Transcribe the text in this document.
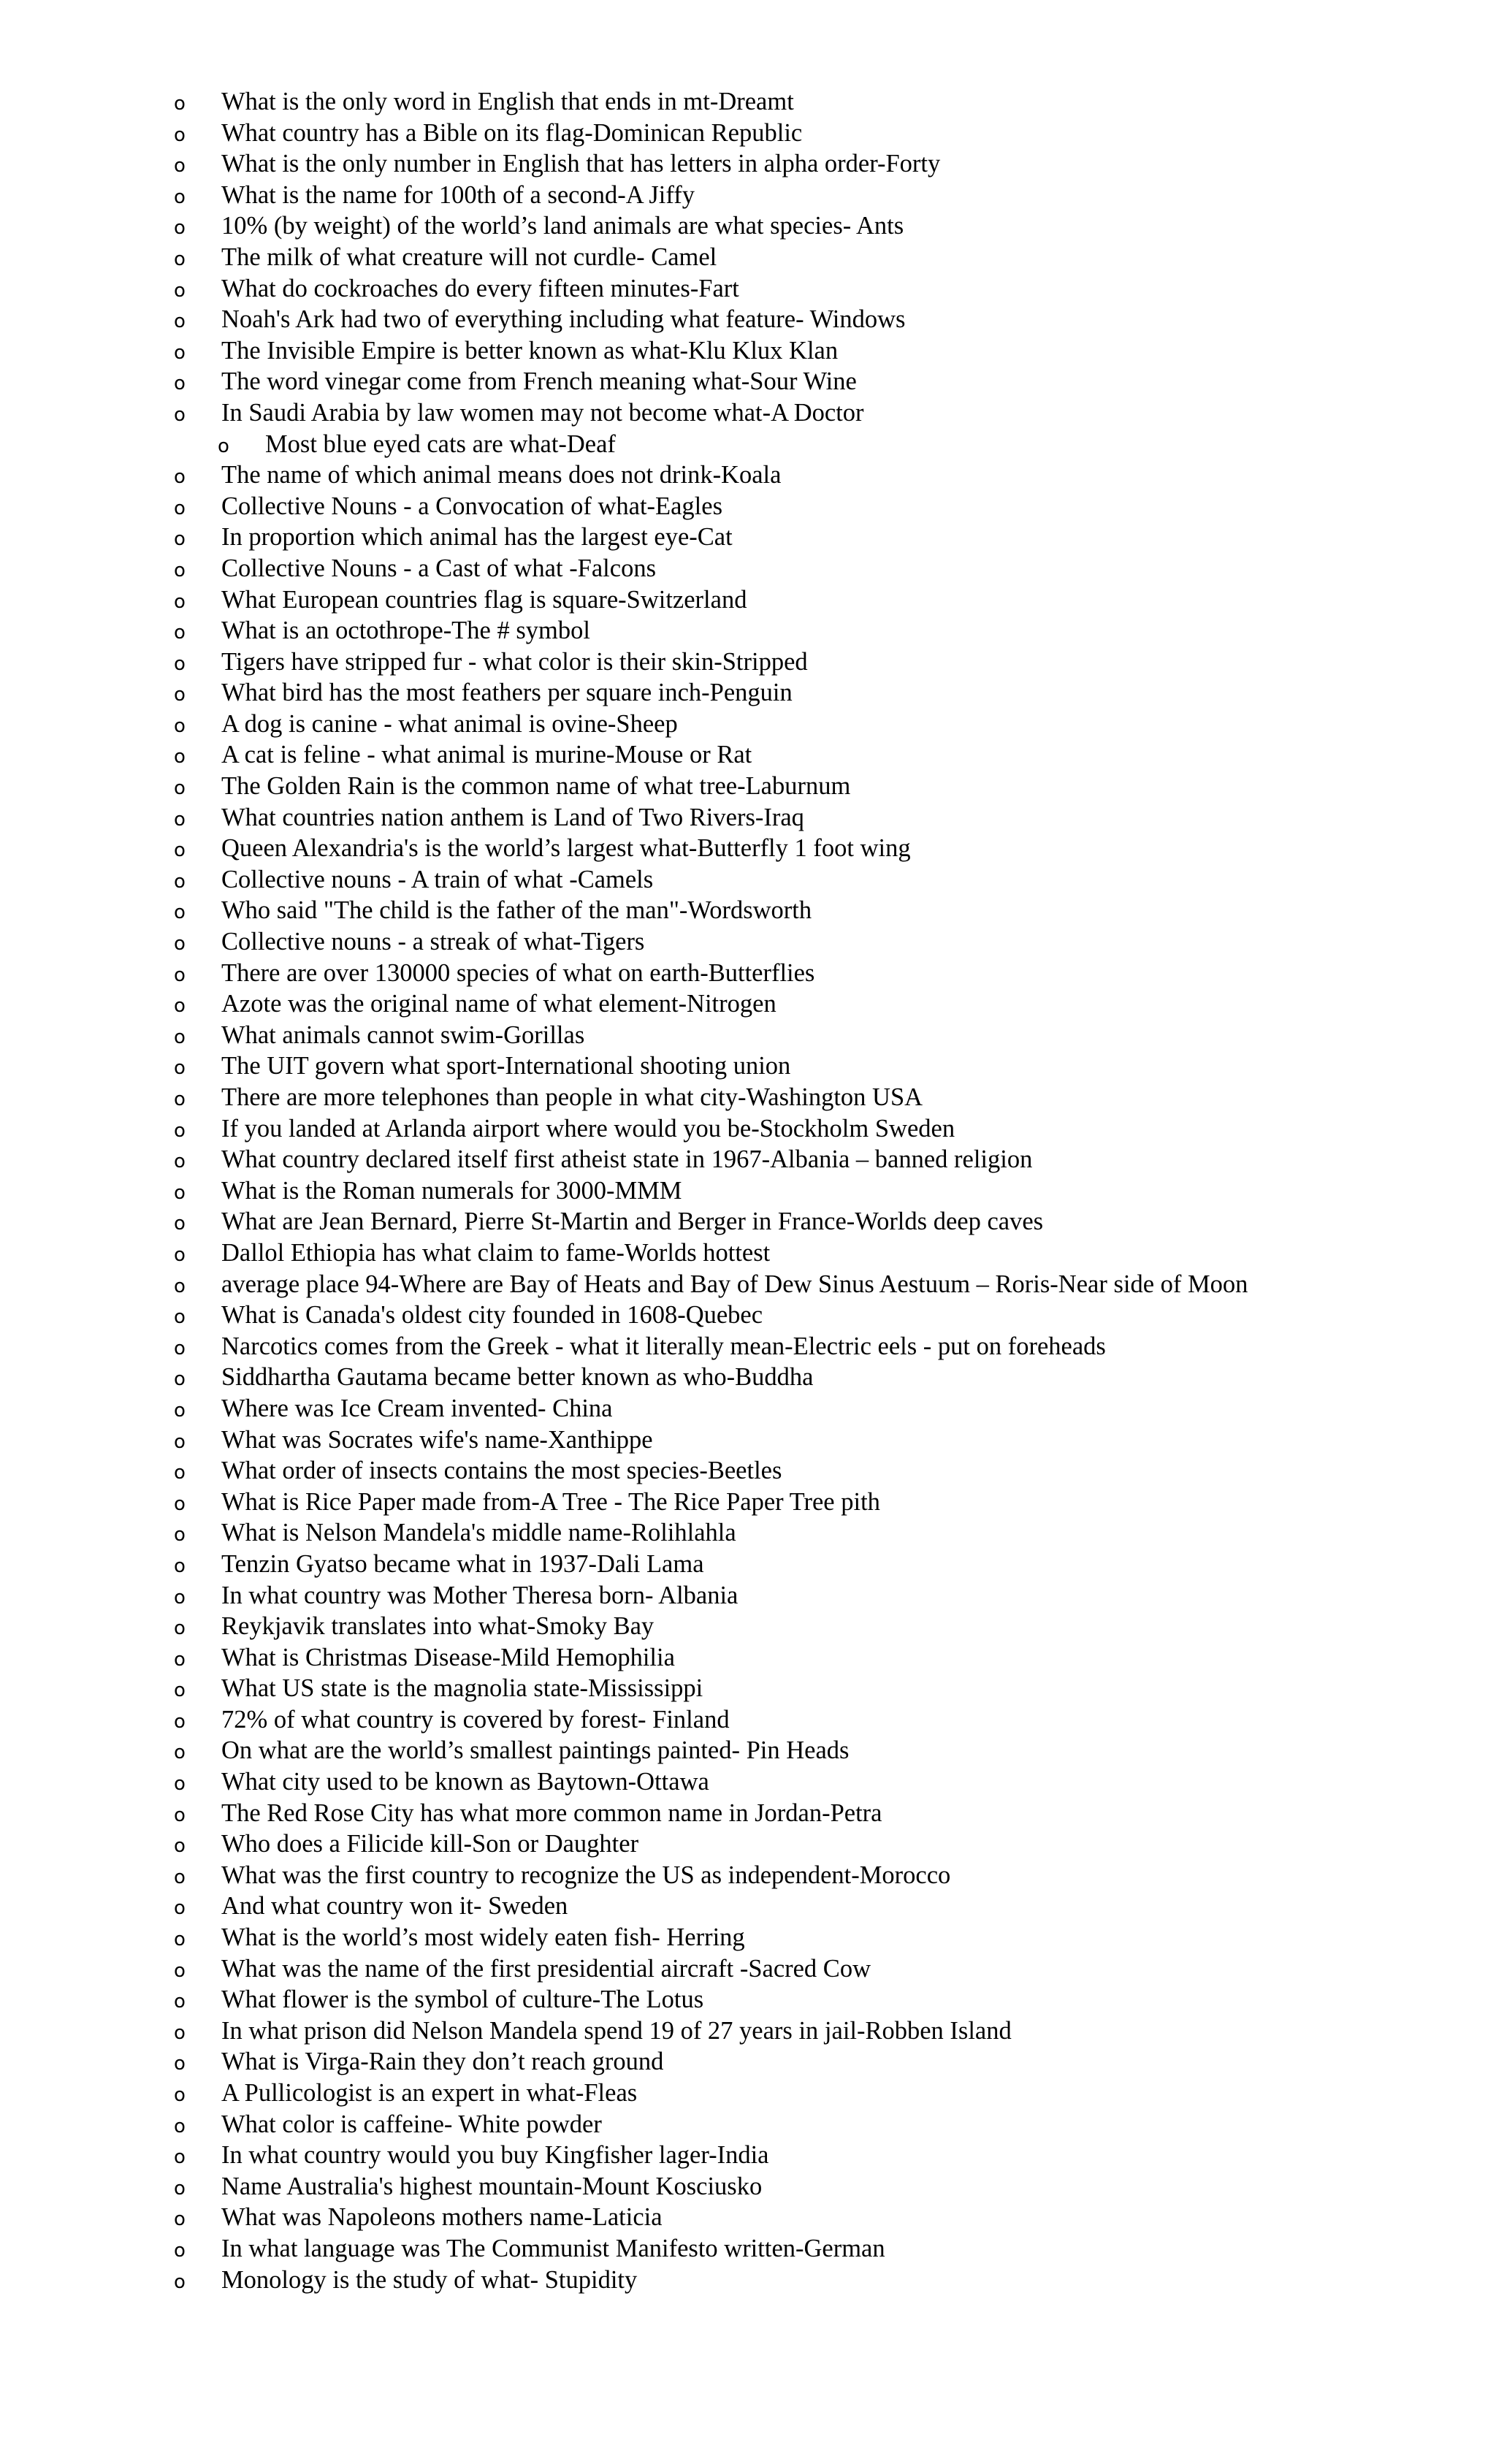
o	What is the only word in English that ends in mt-Dreamt
o	What country has a Bible on its flag-Dominican Republic
o	What is the only number in English that has letters in alpha order-Forty
o	What is the name for 100th of a second-A Jiffy
o	10% (by weight) of the world’s land animals are what species- Ants
o	The milk of what creature will not curdle- Camel
o	What do cockroaches do every fifteen minutes-Fart
o	Noah's Ark had two of everything including what feature- Windows
o	The Invisible Empire is better known as what-Klu Klux Klan
o	The word vinegar come from French meaning what-Sour Wine
o	In Saudi Arabia by law women may not become what-A Doctor
o	Most blue eyed cats are what-Deaf
o	The name of which animal means does not drink-Koala
o	Collective Nouns - a Convocation of what-Eagles
o	In proportion which animal has the largest eye-Cat
o	Collective Nouns - a Cast of what -Falcons
o	What European countries flag is square-Switzerland
o	What is an octothrope-The # symbol
o	Tigers have stripped fur - what color is their skin-Stripped
o	What bird has the most feathers per square inch-Penguin
o	A dog is canine - what animal is ovine-Sheep
o	A cat is feline - what animal is murine-Mouse or Rat
o	The Golden Rain is the common name of what tree-Laburnum
o	What countries nation anthem is Land of Two Rivers-Iraq
o	Queen Alexandria's is the world’s largest what-Butterfly 1 foot wing
o	Collective nouns - A train of what -Camels
o	Who said "The child is the father of the man"-Wordsworth
o	Collective nouns - a streak of what-Tigers
o	There are over 130000 species of what on earth-Butterflies
o	Azote was the original name of what element-Nitrogen
o	What animals cannot swim-Gorillas
o	The UIT govern what sport-International shooting union
o	There are more telephones than people in what city-Washington USA
o	If you landed at Arlanda airport where would you be-Stockholm Sweden
o	What country declared itself first atheist state in 1967-Albania – banned religion
o	What is the Roman numerals for 3000-MMM
o	What are Jean Bernard, Pierre St-Martin and Berger in France-Worlds deep caves
o	Dallol Ethiopia has what claim to fame-Worlds hottest
o	average place 94-Where are Bay of Heats and Bay of Dew Sinus Aestuum – Roris-Near side of Moon
o	What is Canada's oldest city founded in 1608-Quebec
o	Narcotics comes from the Greek - what it literally mean-Electric eels - put on foreheads
o	Siddhartha Gautama became better known as who-Buddha
o	Where was Ice Cream invented- China
o	What was Socrates wife's name-Xanthippe
o	What order of insects contains the most species-Beetles
o	What is Rice Paper made from-A Tree - The Rice Paper Tree pith
o	What is Nelson Mandela's middle name-Rolihlahla
o	Tenzin Gyatso became what in 1937-Dali Lama
o	In what country was Mother Theresa born- Albania
o	Reykjavik translates into what-Smoky Bay
o	What is Christmas Disease-Mild Hemophilia
o	What US state is the magnolia state-Mississippi
o	72% of what country is covered by forest- Finland
o	On what are the world’s smallest paintings painted- Pin Heads
o	What city used to be known as Baytown-Ottawa
o	The Red Rose City has what more common name in Jordan-Petra
o	Who does a Filicide kill-Son or Daughter
o	What was the first country to recognize the US as independent-Morocco
o	And what country won it- Sweden
o	What is the world’s most widely eaten fish- Herring
o	What was the name of the first presidential aircraft -Sacred Cow
o	What flower is the symbol of culture-The Lotus
o	In what prison did Nelson Mandela spend 19 of 27 years in jail-Robben Island
o	What is Virga-Rain they don’t reach ground
o	A Pullicologist is an expert in what-Fleas
o	What color is caffeine- White powder
o	In what country would you buy Kingfisher lager-India
o	Name Australia's highest mountain-Mount Kosciusko
o	What was Napoleons mothers name-Laticia
o	In what language was The Communist Manifesto written-German
o	Monology is the study of what- Stupidity
